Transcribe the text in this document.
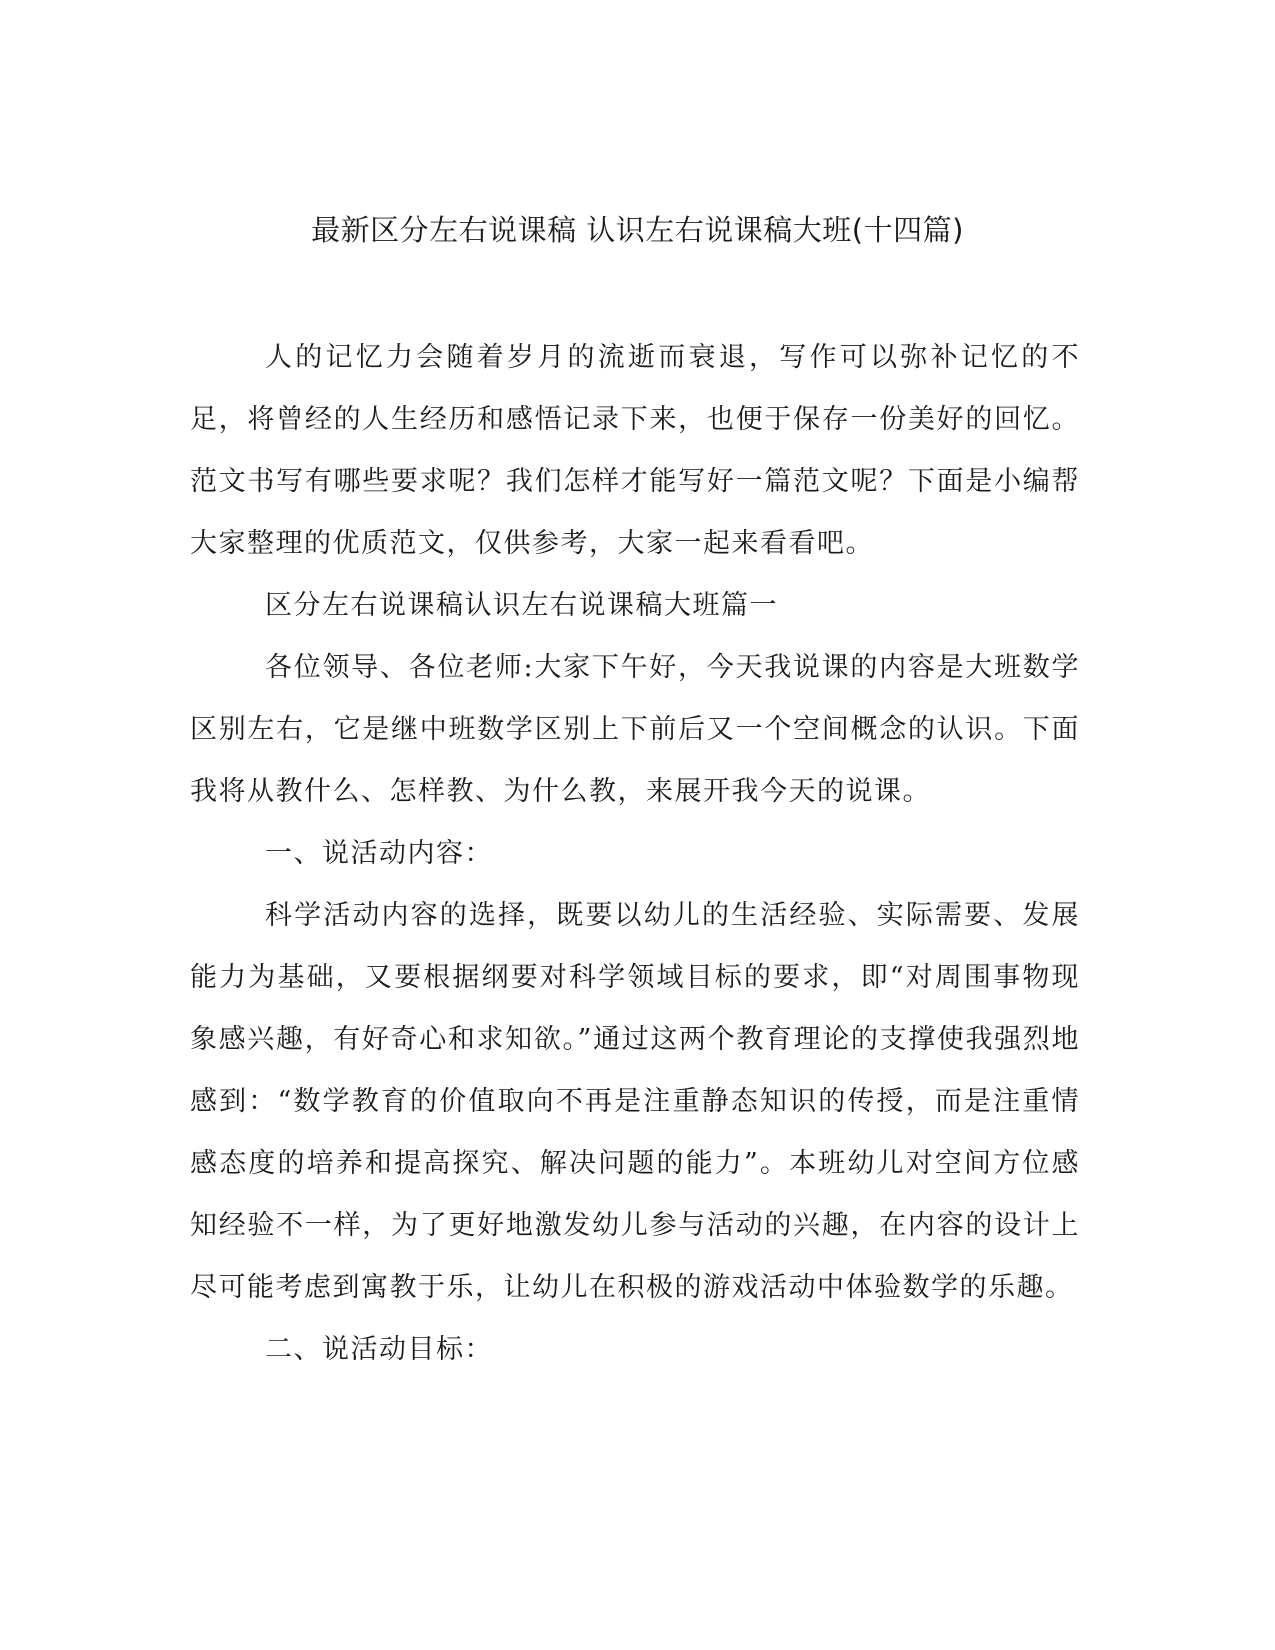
最新区分左右说课稿 认识左右说课稿大班(十四篇)

人的记忆力会随着岁月的流逝而衰退，写作可以弥补记忆的不足，将曾经的人生经历和感悟记录下来，也便于保存一份美好的回忆。范文书写有哪些要求呢？我们怎样才能写好一篇范文呢？下面是小编帮大家整理的优质范文，仅供参考，大家一起来看看吧。

区分左右说课稿认识左右说课稿大班篇一

各位领导、各位老师:大家下午好，今天我说课的内容是大班数学区别左右，它是继中班数学区别上下前后又一个空间概念的认识。下面我将从教什么、怎样教、为什么教，来展开我今天的说课。

一、说活动内容：

科学活动内容的选择，既要以幼儿的生活经验、实际需要、发展能力为基础，又要根据纲要对科学领域目标的要求，即“对周围事物现象感兴趣，有好奇心和求知欲。”通过这两个教育理论的支撑使我强烈地感到：“数学教育的价值取向不再是注重静态知识的传授，而是注重情感态度的培养和提高探究、解决问题的能力”。本班幼儿对空间方位感知经验不一样，为了更好地激发幼儿参与活动的兴趣，在内容的设计上尽可能考虑到寓教于乐，让幼儿在积极的游戏活动中体验数学的乐趣。

二、说活动目标：
